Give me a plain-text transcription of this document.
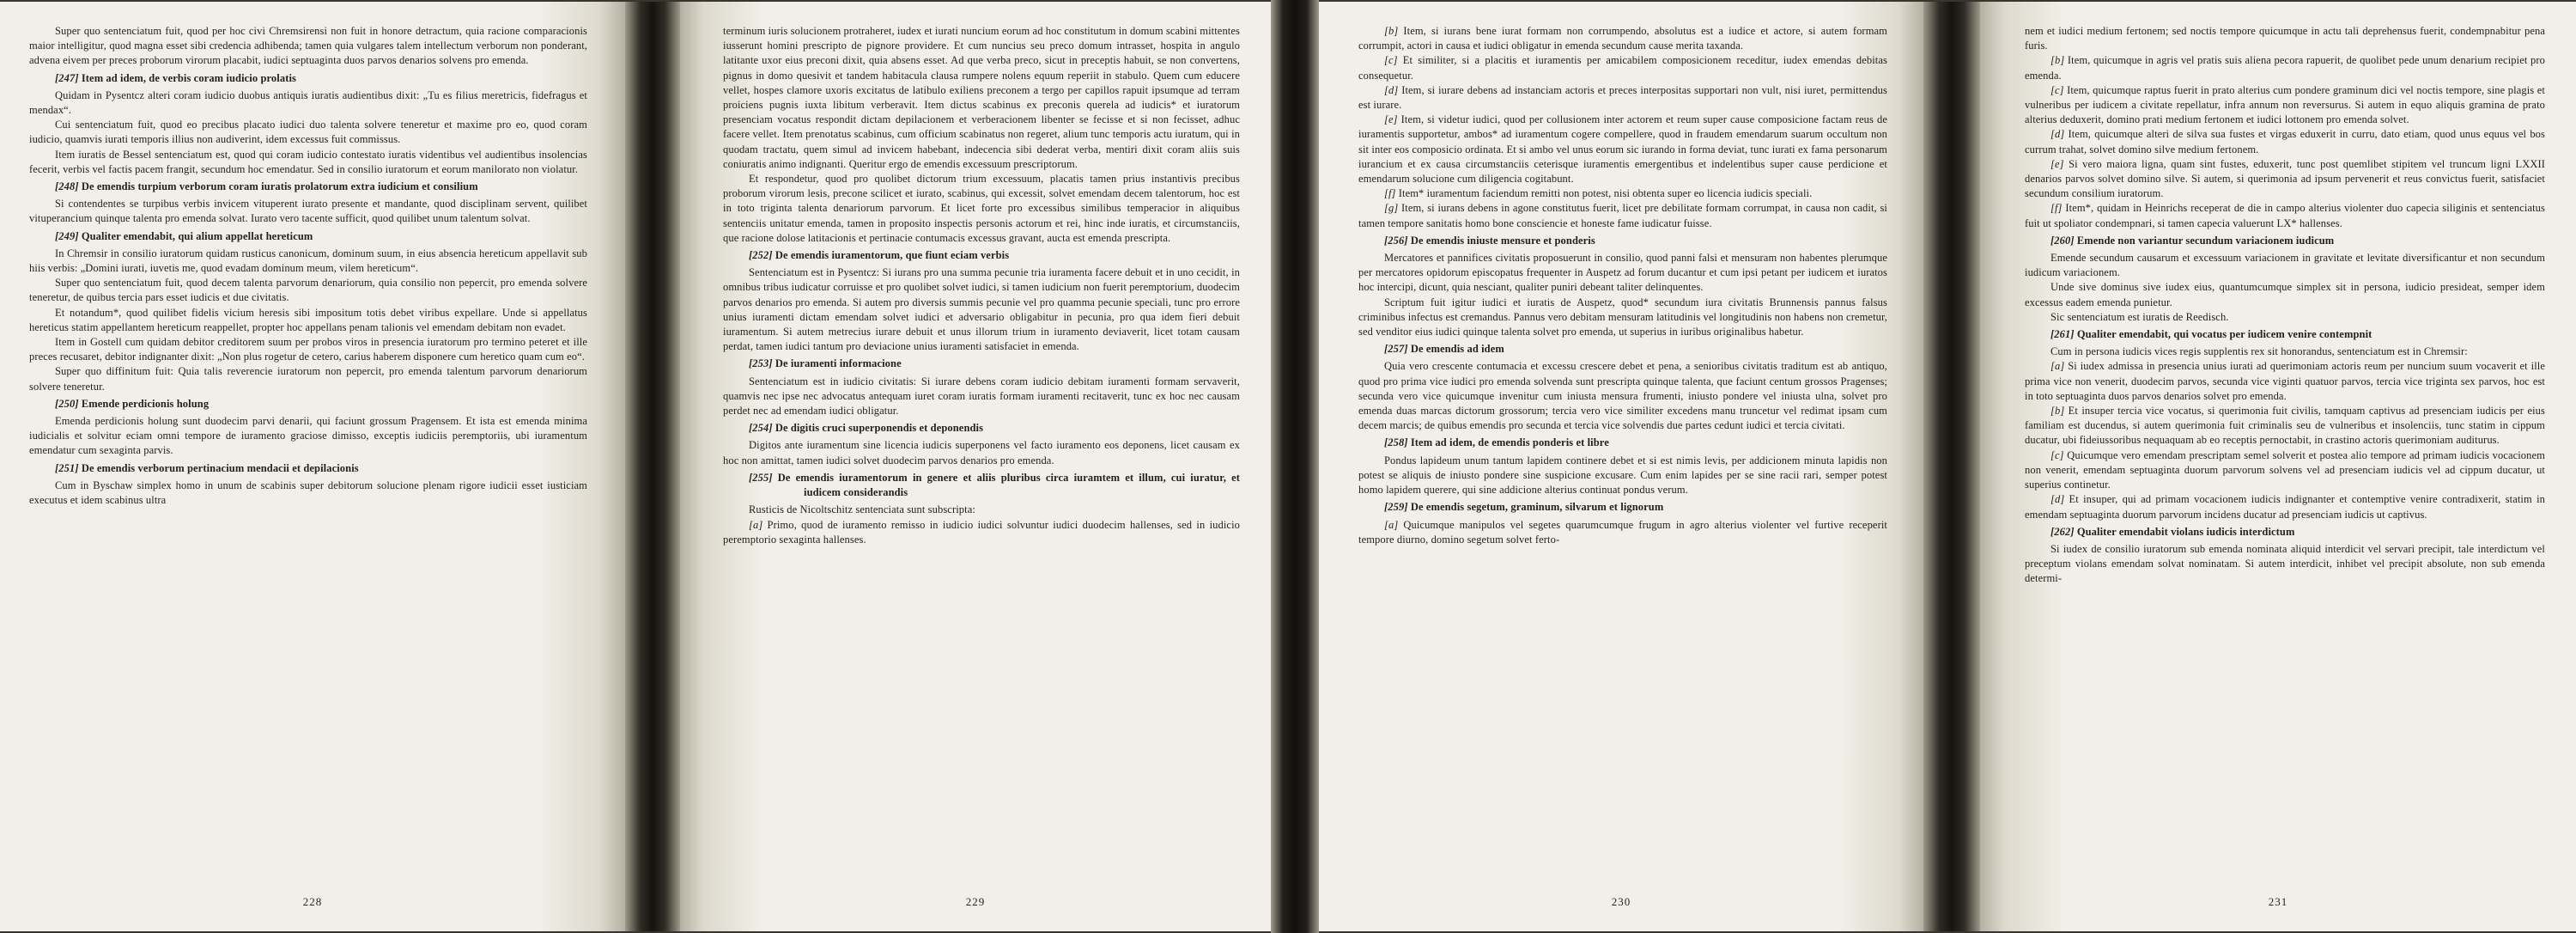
Super quo sentenciatum fuit, quod per hoc civi Chremsirensi non fuit in honore detractum, quia racione comparacionis maior intelligitur, quod magna esset sibi credencia adhibenda; tamen quia vulgares talem intellectum verborum non ponderant, advena eivem per preces proborum virorum placabit, iudici septuaginta duos parvos denarios solvens pro emenda.

[247] Item ad idem, de verbis coram iudicio prolatis

Quidam in Pysentcz alteri coram iudicio duobus antiquis iuratis audientibus dixit: „Tu es filius meretricis, fidefragus et mendax“.

Cui sentenciatum fuit, quod eo precibus placato iudici duo talenta solvere teneretur et maxime pro eo, quod coram iudicio, quamvis iurati temporis illius non audiverint, idem excessus fuit commissus.

Item iuratis de Bessel sentenciatum est, quod qui coram iudicio contestato iuratis videntibus vel audientibus insolencias fecerit, verbis vel factis pacem frangit, secundum hoc emendatur. Sed in consilio iuratorum et eorum manilorato non violatur.

[248] De emendis turpium verborum coram iuratis prolatorum extra iudicium et consilium

Si contendentes se turpibus verbis invicem vituperent iurato presente et mandante, quod disciplinam servent, quilibet vituperancium quinque talenta pro emenda solvat. Iurato vero tacente sufficit, quod quilibet unum talentum solvat.

[249] Qualiter emendabit, qui alium appellat hereticum

In Chremsir in consilio iuratorum quidam rusticus canonicum, dominum suum, in eius absencia hereticum appellavit sub hiis verbis: „Domini iurati, iuvetis me, quod evadam dominum meum, vilem hereticum“.

Super quo sentenciatum fuit, quod decem talenta parvorum denariorum, quia consilio non pepercit, pro emenda solvere teneretur, de quibus tercia pars esset iudicis et due civitatis.

Et notandum*, quod quilibet fidelis vicium heresis sibi impositum totis debet viribus expellare. Unde si appellatus hereticus statim appellantem hereticum reappellet, propter hoc appellans penam talionis vel emendam debitam non evadet.

Item in Gostell cum quidam debitor creditorem suum per probos viros in presencia iuratorum pro termino peteret et ille preces recusaret, debitor indignanter dixit: „Non plus rogetur de cetero, carius haberem disponere cum heretico quam cum eo“.

Super quo diffinitum fuit: Quia talis reverencie iuratorum non pepercit, pro emenda talentum parvorum denariorum solvere teneretur.

[250] Emende perdicionis holung

Emenda perdicionis holung sunt duodecim parvi denarii, qui faciunt grossum Pragensem. Et ista est emenda minima iudicialis et solvitur eciam omni tempore de iuramento graciose dimisso, exceptis iudiciis peremptoriis, ubi iuramentum emendatur cum sexaginta parvis.

[251] De emendis verborum pertinacium mendacii et depilacionis

Cum in Byschaw simplex homo in unum de scabinis super debitorum solucione plenam rigore iudicii esset iusticiam executus et idem scabinus ultra

228

terminum iuris solucionem protraheret, iudex et iurati nuncium eorum ad hoc constitutum in domum scabini mittentes iusserunt homini prescripto de pignore providere. Et cum nuncius seu preco domum intrasset, hospita in angulo latitante uxor eius preconi dixit, quia absens esset. Ad que verba preco, sicut in preceptis habuit, se non convertens, pignus in domo quesivit et tandem habitacula clausa rumpere nolens equum reperiit in stabulo. Quem cum educere vellet, hospes clamore uxoris excitatus de latibulo exiliens preconem a tergo per capillos rapuit ipsumque ad terram proiciens pugnis iuxta libitum verberavit. Item dictus scabinus ex preconis querela ad iudicis* et iuratorum presenciam vocatus respondit dictam depilacionem et verberacionem libenter se fecisse et si non fecisset, adhuc facere vellet. Item prenotatus scabinus, cum officium scabinatus non regeret, alium tunc temporis actu iuratum, qui in quodam tractatu, quem simul ad invicem habebant, indecencia sibi dederat verba, mentiri dixit coram aliis suis coniuratis animo indignanti. Queritur ergo de emendis excessuum prescriptorum.

Et respondetur, quod pro quolibet dictorum trium excessuum, placatis tamen prius instantivis precibus proborum virorum lesis, precone scilicet et iurato, scabinus, qui excessit, solvet emendam decem talentorum, hoc est in toto triginta talenta denariorum parvorum. Et licet forte pro excessibus similibus temperacior in aliquibus sentenciis unitatur emenda, tamen in proposito inspectis personis actorum et rei, hinc inde iuratis, et circumstanciis, que racione dolose latitacionis et pertinacie contumacis excessus gravant, aucta est emenda prescripta.

[252] De emendis iuramentorum, que fiunt eciam verbis

Sentenciatum est in Pysentcz: Si iurans pro una summa pecunie tria iuramenta facere debuit et in uno cecidit, in omnibus tribus iudicatur corruisse et pro quolibet solvet iudici, si tamen iudicium non fuerit peremptorium, duodecim parvos denarios pro emenda. Si autem pro diversis summis pecunie vel pro quamma pecunie speciali, tunc pro errore unius iuramenti dictam emendam solvet iudici et adversario obligabitur in pecunia, pro qua idem fieri debuit iuramentum. Si autem metrecius iurare debuit et unus illorum trium in iuramento deviaverit, licet totam causam perdat, tamen iudici tantum pro deviacione unius iuramenti satisfaciet in emenda.

[253] De iuramenti informacione

Sentenciatum est in iudicio civitatis: Si iurare debens coram iudicio debitam iuramenti formam servaverit, quamvis nec ipse nec advocatus antequam iuret coram iuratis formam iuramenti recitaverit, tunc ex hoc nec causam perdet nec ad emendam iudici obligatur.

[254] De digitis cruci superponendis et deponendis

Digitos ante iuramentum sine licencia iudicis superponens vel facto iuramento eos deponens, licet causam ex hoc non amittat, tamen iudici solvet duodecim parvos denarios pro emenda.

[255] De emendis iuramentorum in genere et aliis pluribus circa iuramtem et illum, cui iuratur, et iudicem considerandis

Rusticis de Nicoltschitz sentenciata sunt subscripta:

[a] Primo, quod de iuramento remisso in iudicio iudici solvuntur iudici duodecim hallenses, sed in iudicio peremptorio sexaginta hallenses.

229

[b] Item, si iurans bene iurat formam non corrumpendo, absolutus est a iudice et actore, si autem formam corrumpit, actori in causa et iudici obligatur in emenda secundum cause merita taxanda.

[c] Et similiter, si a placitis et iuramentis per amicabilem composicionem receditur, iudex emendas debitas consequetur.

[d] Item, si iurare debens ad instanciam actoris et preces interpositas supportari non vult, nisi iuret, permittendus est iurare.

[e] Item, si videtur iudici, quod per collusionem inter actorem et reum super cause composicione factam reus de iuramentis supportetur, ambos* ad iuramentum cogere compellere, quod in fraudem emendarum suarum occultum non sit inter eos composicio ordinata. Et si ambo vel unus eorum sic iurando in forma deviat, tunc iurati ex fama personarum iurancium et ex causa circumstanciis ceterisque iuramentis emergentibus et indelentibus super cause perdicione et emendarum solucione cum diligencia cogitabunt.

[f] Item* iuramentum faciendum remitti non potest, nisi obtenta super eo licencia iudicis speciali.

[g] Item, si iurans debens in agone constitutus fuerit, licet pre debilitate formam corrumpat, in causa non cadit, si tamen tempore sanitatis homo bone consciencie et honeste fame iudicatur fuisse.

[256] De emendis iniuste mensure et ponderis

Mercatores et pannifices civitatis proposuerunt in consilio, quod panni falsi et mensuram non habentes plerumque per mercatores opidorum episcopatus frequenter in Auspetz ad forum ducantur et cum ipsi petant per iudicem et iuratos hoc intercipi, dicunt, quia nesciant, qualiter puniri debeant taliter delinquentes.

Scriptum fuit igitur iudici et iuratis de Auspetz, quod* secundum iura civitatis Brunnensis pannus falsus criminibus infectus est cremandus. Pannus vero debitam mensuram latitudinis vel longitudinis non habens non cremetur, sed venditor eius iudici quinque talenta solvet pro emenda, ut superius in iuribus originalibus habetur.

[257] De emendis ad idem

Quia vero crescente contumacia et excessu crescere debet et pena, a senioribus civitatis traditum est ab antiquo, quod pro prima vice iudici pro emenda solvenda sunt prescripta quinque talenta, que faciunt centum grossos Pragenses; secunda vero vice quicumque invenitur cum iniusta mensura frumenti, iniusto pondere vel iniusta ulna, solvet pro emenda duas marcas dictorum grossorum; tercia vero vice similiter excedens manu truncetur vel redimat ipsam cum decem marcis; de quibus emendis pro secunda et tercia vice solvendis due partes cedunt iudici et tercia civitati.

[258] Item ad idem, de emendis ponderis et libre

Pondus lapideum unum tantum lapidem continere debet et si est nimis levis, per addicionem minuta lapidis non potest se aliquis de iniusto pondere sine suspicione excusare. Cum enim lapides per se sine racii rari, semper potest homo lapidem querere, qui sine addicione alterius continuat pondus verum.

[259] De emendis segetum, graminum, silvarum et lignorum

[a] Quicumque manipulos vel segetes quarumcumque frugum in agro alterius violenter vel furtive receperit tempore diurno, domino segetum solvet ferto-

230

nem et iudici medium fertonem; sed noctis tempore quicumque in actu tali deprehensus fuerit, condempnabitur pena furis.

[b] Item, quicumque in agris vel pratis suis aliena pecora rapuerit, de quolibet pede unum denarium recipiet pro emenda.

[c] Item, quicumque raptus fuerit in prato alterius cum pondere graminum dici vel noctis tempore, sine plagis et vulneribus per iudicem a civitate repellatur, infra annum non reversurus. Si autem in equo aliquis gramina de prato alterius deduxerit, domino prati medium fertonem et iudici lottonem pro emenda solvet.

[d] Item, quicumque alteri de silva sua fustes et virgas eduxerit in curru, dato etiam, quod unus equus vel bos currum trahat, solvet domino silve medium fertonem.

[e] Si vero maiora ligna, quam sint fustes, eduxerit, tunc post quemlibet stipitem vel truncum ligni LXXII denarios parvos solvet domino silve. Si autem, si querimonia ad ipsum pervenerit et reus convictus fuerit, satisfaciet secundum consilium iuratorum.

[f] Item*, quidam in Heinrichs receperat de die in campo alterius violenter duo capecia siliginis et sentenciatus fuit ut spoliator condempnari, si tamen capecia valuerunt LX* hallenses.

[260] Emende non variantur secundum variacionem iudicum

Emende secundum causarum et excessuum variacionem in gravitate et levitate diversificantur et non secundum iudicum variacionem.

Unde sive dominus sive iudex eius, quantumcumque simplex sit in persona, iudicio presideat, semper idem excessus eadem emenda punietur.

Sic sentenciatum est iuratis de Reedisch.

[261] Qualiter emendabit, qui vocatus per iudicem venire contempnit

Cum in persona iudicis vices regis supplentis rex sit honorandus, sentenciatum est in Chremsir:

[a] Si iudex admissa in presencia unius iurati ad querimoniam actoris reum per nuncium suum vocaverit et ille prima vice non venerit, duodecim parvos, secunda vice viginti quatuor parvos, tercia vice triginta sex parvos, hoc est in toto septuaginta duos parvos denarios solvet pro emenda.

[b] Et insuper tercia vice vocatus, si querimonia fuit civilis, tamquam captivus ad presenciam iudicis per eius familiam est ducendus, si autem querimonia fuit criminalis seu de vulneribus et insolenciis, tunc statim in cippum ducatur, ubi fideiussoribus nequaquam ab eo receptis pernoctabit, in crastino actoris querimoniam auditurus.

[c] Quicumque vero emendam prescriptam semel solverit et postea alio tempore ad primam iudicis vocacionem non venerit, emendam septuaginta duorum parvorum solvens vel ad presenciam iudicis vel ad cippum ducatur, ut superius continetur.

[d] Et insuper, qui ad primam vocacionem iudicis indignanter et contemptive venire contradixerit, statim in emendam septuaginta duorum parvorum incidens ducatur ad presenciam iudicis ut captivus.

[262] Qualiter emendabit violans iudicis interdictum

Si iudex de consilio iuratorum sub emenda nominata aliquid interdicit vel servari precipit, tale interdictum vel preceptum violans emendam solvat nominatam. Si autem interdicit, inhibet vel precipit absolute, non sub emenda determi-

231
